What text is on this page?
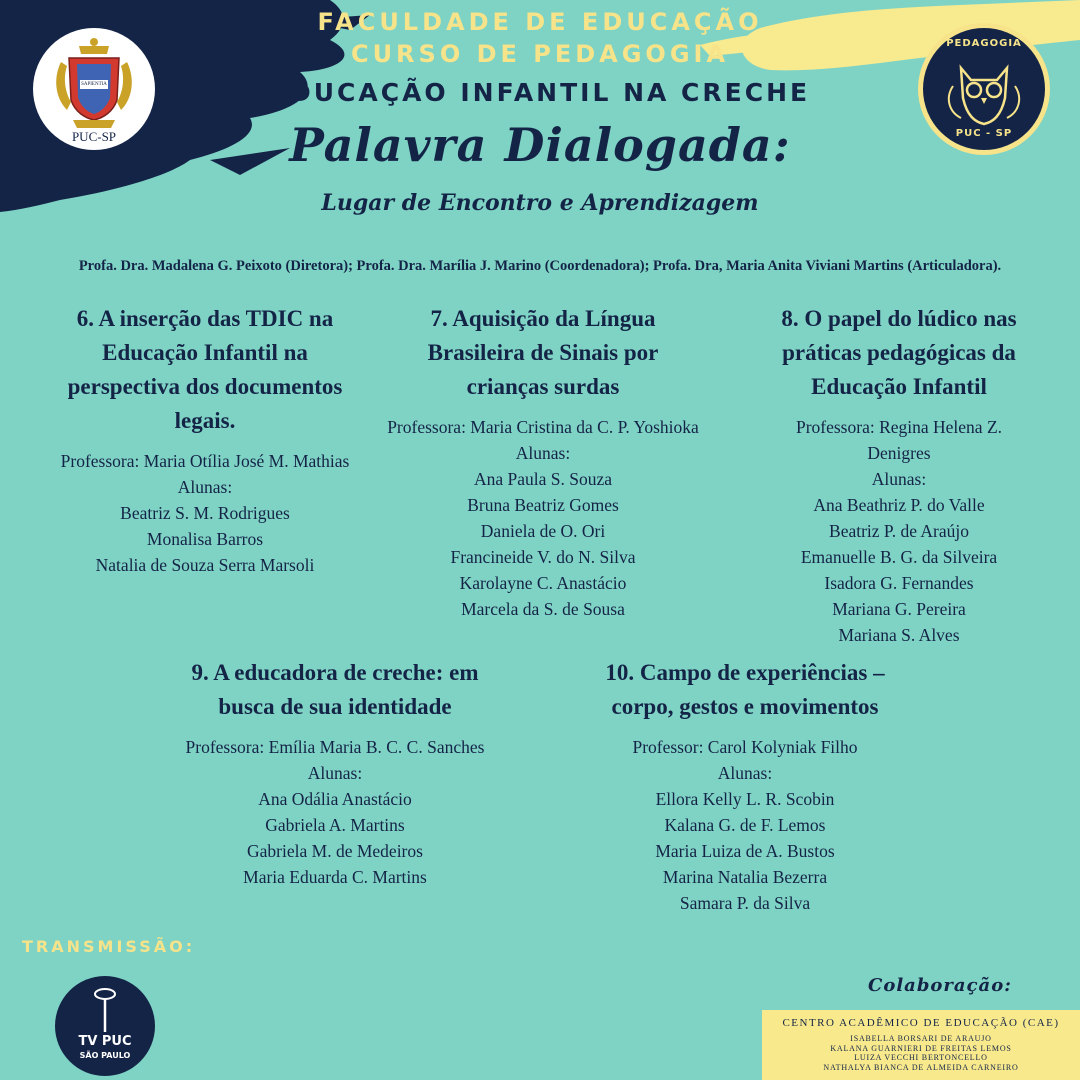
SAPIENTIA
PUC-SP
PEDAGOGIA
PUC - SP
FACULDADE DE EDUCAÇÃO
CURSO DE PEDAGOGIA
EDUCAÇÃO INFANTIL NA CRECHE
Palavra Dialogada:
Lugar de Encontro e Aprendizagem
Profa. Dra. Madalena G. Peixoto (Diretora); Profa. Dra. Marília J. Marino (Coordenadora); Profa. Dra, Maria Anita Viviani Martins (Articuladora).
6. A inserção das TDIC na
Educação Infantil na
perspectiva dos documentos
legais.
Professora: Maria Otília José M. Mathias
Alunas:
Beatriz S. M. Rodrigues
Monalisa Barros
Natalia de Souza Serra Marsoli
7. Aquisição da Língua
Brasileira de Sinais por
crianças surdas
Professora: Maria Cristina da C. P. Yoshioka
Alunas:
Ana Paula S. Souza
Bruna Beatriz Gomes
Daniela de O. Ori
Francineide V. do N. Silva
Karolayne C. Anastácio
Marcela da S. de Sousa
8. O papel do lúdico nas
práticas pedagógicas da
Educação Infantil
Professora: Regina Helena Z.
Denigres
Alunas:
Ana Beathriz P. do Valle
Beatriz P. de Araújo
Emanuelle B. G. da Silveira
Isadora G. Fernandes
Mariana G. Pereira
Mariana S. Alves
9. A educadora de creche: em
busca de sua identidade
Professora: Emília Maria B. C. C. Sanches
Alunas:
Ana Odália Anastácio
Gabriela A. Martins
Gabriela M. de Medeiros
Maria Eduarda C. Martins
10. Campo de experiências –
corpo, gestos e movimentos
Professor: Carol Kolyniak Filho
Alunas:
Ellora Kelly L. R. Scobin
Kalana G. de F. Lemos
Maria Luiza de A. Bustos
Marina Natalia Bezerra
Samara P. da Silva
TRANSMISSÃO:
TV PUC
SÃO PAULO
Colaboração:
CENTRO ACADÊMICO DE EDUCAÇÃO (CAE)
ISABELLA BORSARI DE ARAUJO
KALANA GUARNIERI DE FREITAS LEMOS
LUIZA VECCHI BERTONCELLO
NATHALYA BIANCA DE ALMEIDA CARNEIRO
